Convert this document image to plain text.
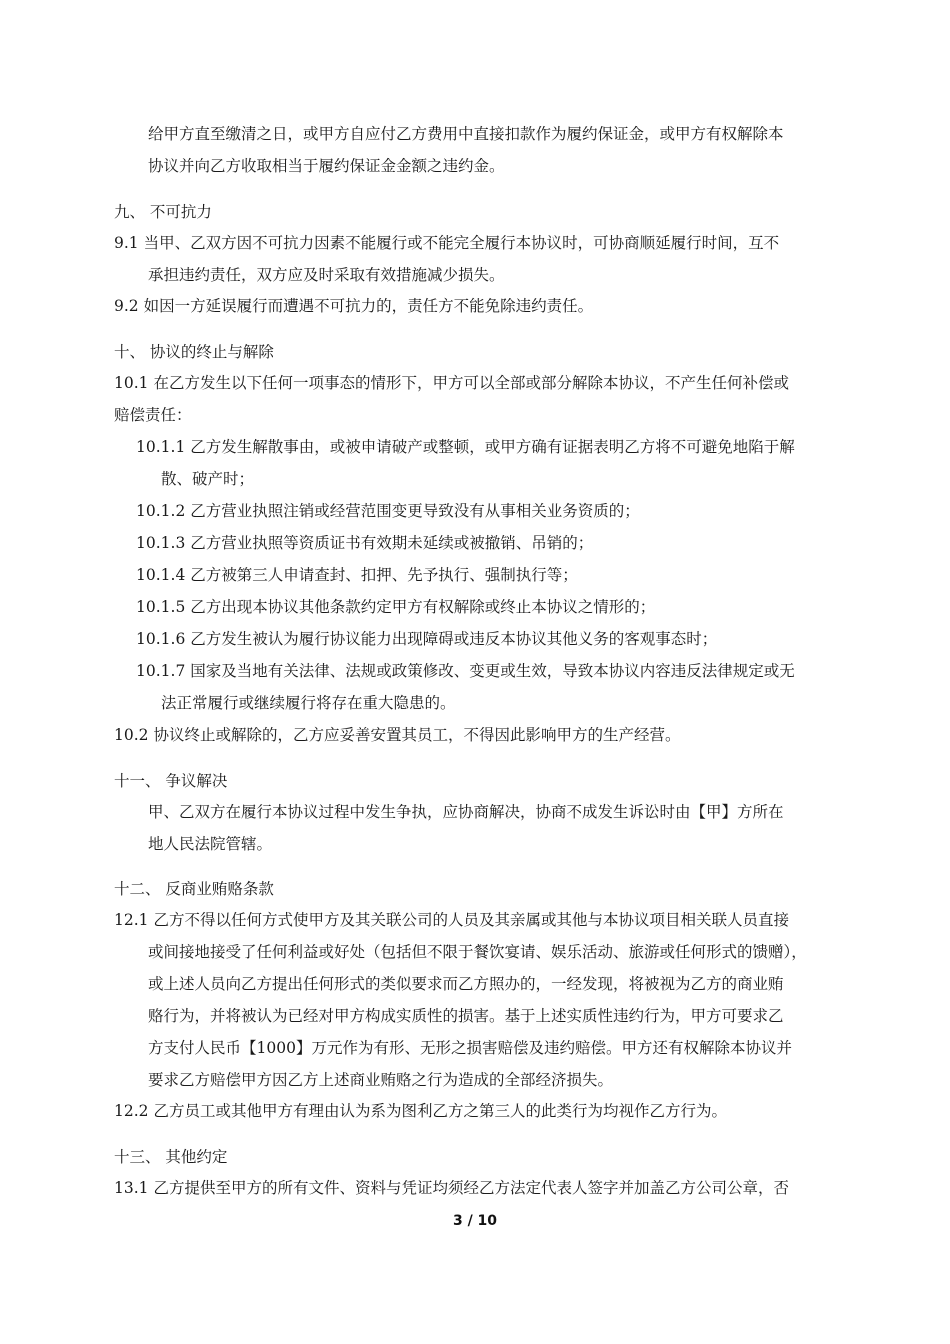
给甲方直至缴清之日，或甲方自应付乙方费用中直接扣款作为履约保证金，或甲方有权解除本
协议并向乙方收取相当于履约保证金金额之违约金。
九、 不可抗力
9.1 当甲、乙双方因不可抗力因素不能履行或不能完全履行本协议时，可协商顺延履行时间，互不
承担违约责任，双方应及时采取有效措施减少损失。
9.2 如因一方延误履行而遭遇不可抗力的，责任方不能免除违约责任。
十、 协议的终止与解除
10.1 在乙方发生以下任何一项事态的情形下，甲方可以全部或部分解除本协议，不产生任何补偿或
赔偿责任：
10.1.1 乙方发生解散事由，或被申请破产或整顿，或甲方确有证据表明乙方将不可避免地陷于解
散、破产时；
10.1.2 乙方营业执照注销或经营范围变更导致没有从事相关业务资质的；
10.1.3 乙方营业执照等资质证书有效期未延续或被撤销、吊销的；
10.1.4 乙方被第三人申请查封、扣押、先予执行、强制执行等；
10.1.5 乙方出现本协议其他条款约定甲方有权解除或终止本协议之情形的；
10.1.6 乙方发生被认为履行协议能力出现障碍或违反本协议其他义务的客观事态时；
10.1.7 国家及当地有关法律、法规或政策修改、变更或生效，导致本协议内容违反法律规定或无
法正常履行或继续履行将存在重大隐患的。
10.2 协议终止或解除的，乙方应妥善安置其员工，不得因此影响甲方的生产经营。
十一、 争议解决
甲、乙双方在履行本协议过程中发生争执，应协商解决，协商不成发生诉讼时由【甲】方所在
地人民法院管辖。
十二、 反商业贿赂条款
12.1 乙方不得以任何方式使甲方及其关联公司的人员及其亲属或其他与本协议项目相关联人员直接
或间接地接受了任何利益或好处（包括但不限于餐饮宴请、娱乐活动、旅游或任何形式的馈赠），
或上述人员向乙方提出任何形式的类似要求而乙方照办的，一经发现，将被视为乙方的商业贿
赂行为，并将被认为已经对甲方构成实质性的损害。基于上述实质性违约行为，甲方可要求乙
方支付人民币【1000】万元作为有形、无形之损害赔偿及违约赔偿。甲方还有权解除本协议并
要求乙方赔偿甲方因乙方上述商业贿赂之行为造成的全部经济损失。
12.2 乙方员工或其他甲方有理由认为系为图利乙方之第三人的此类行为均视作乙方行为。
十三、 其他约定
13.1 乙方提供至甲方的所有文件、资料与凭证均须经乙方法定代表人签字并加盖乙方公司公章，否
3 / 10
